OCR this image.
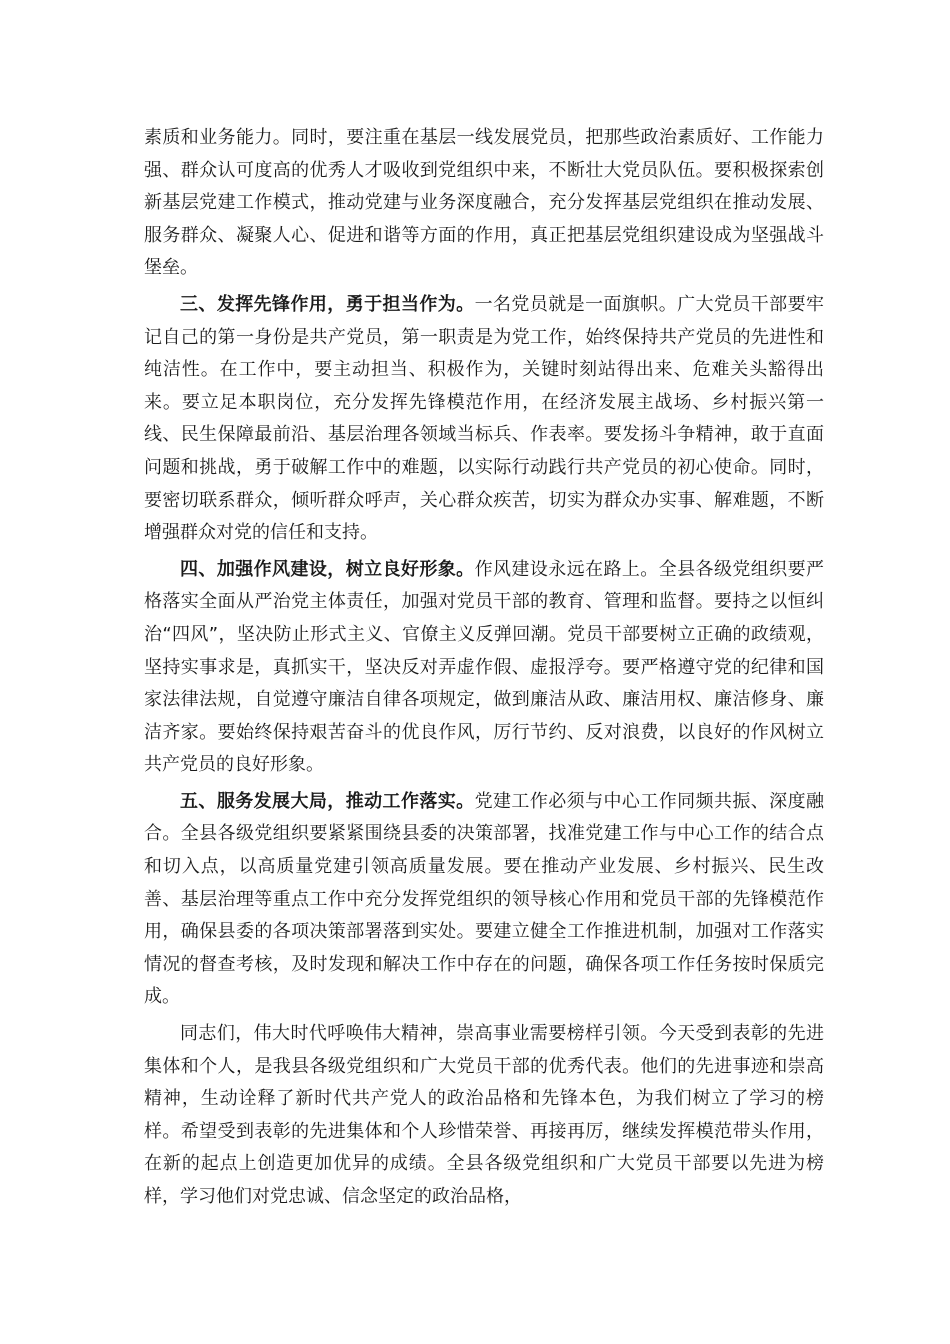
素质和业务能力。同时，要注重在基层一线发展党员，把那些政治素质好、工作能力强、群众认可度高的优秀人才吸收到党组织中来，不断壮大党员队伍。要积极探索创新基层党建工作模式，推动党建与业务深度融合，充分发挥基层党组织在推动发展、服务群众、凝聚人心、促进和谐等方面的作用，真正把基层党组织建设成为坚强战斗堡垒。

三、发挥先锋作用，勇于担当作为。一名党员就是一面旗帜。广大党员干部要牢记自己的第一身份是共产党员，第一职责是为党工作，始终保持共产党员的先进性和纯洁性。在工作中，要主动担当、积极作为，关键时刻站得出来、危难关头豁得出来。要立足本职岗位，充分发挥先锋模范作用，在经济发展主战场、乡村振兴第一线、民生保障最前沿、基层治理各领域当标兵、作表率。要发扬斗争精神，敢于直面问题和挑战，勇于破解工作中的难题，以实际行动践行共产党员的初心使命。同时，要密切联系群众，倾听群众呼声，关心群众疾苦，切实为群众办实事、解难题，不断增强群众对党的信任和支持。

四、加强作风建设，树立良好形象。作风建设永远在路上。全县各级党组织要严格落实全面从严治党主体责任，加强对党员干部的教育、管理和监督。要持之以恒纠治“四风”，坚决防止形式主义、官僚主义反弹回潮。党员干部要树立正确的政绩观，坚持实事求是，真抓实干，坚决反对弄虚作假、虚报浮夸。要严格遵守党的纪律和国家法律法规，自觉遵守廉洁自律各项规定，做到廉洁从政、廉洁用权、廉洁修身、廉洁齐家。要始终保持艰苦奋斗的优良作风，厉行节约、反对浪费，以良好的作风树立共产党员的良好形象。

五、服务发展大局，推动工作落实。党建工作必须与中心工作同频共振、深度融合。全县各级党组织要紧紧围绕县委的决策部署，找准党建工作与中心工作的结合点和切入点，以高质量党建引领高质量发展。要在推动产业发展、乡村振兴、民生改善、基层治理等重点工作中充分发挥党组织的领导核心作用和党员干部的先锋模范作用，确保县委的各项决策部署落到实处。要建立健全工作推进机制，加强对工作落实情况的督查考核，及时发现和解决工作中存在的问题，确保各项工作任务按时保质完成。

同志们，伟大时代呼唤伟大精神，崇高事业需要榜样引领。今天受到表彰的先进集体和个人，是我县各级党组织和广大党员干部的优秀代表。他们的先进事迹和崇高精神，生动诠释了新时代共产党人的政治品格和先锋本色，为我们树立了学习的榜样。希望受到表彰的先进集体和个人珍惜荣誉、再接再厉，继续发挥模范带头作用，在新的起点上创造更加优异的成绩。全县各级党组织和广大党员干部要以先进为榜样，学习他们对党忠诚、信念坚定的政治品格，
